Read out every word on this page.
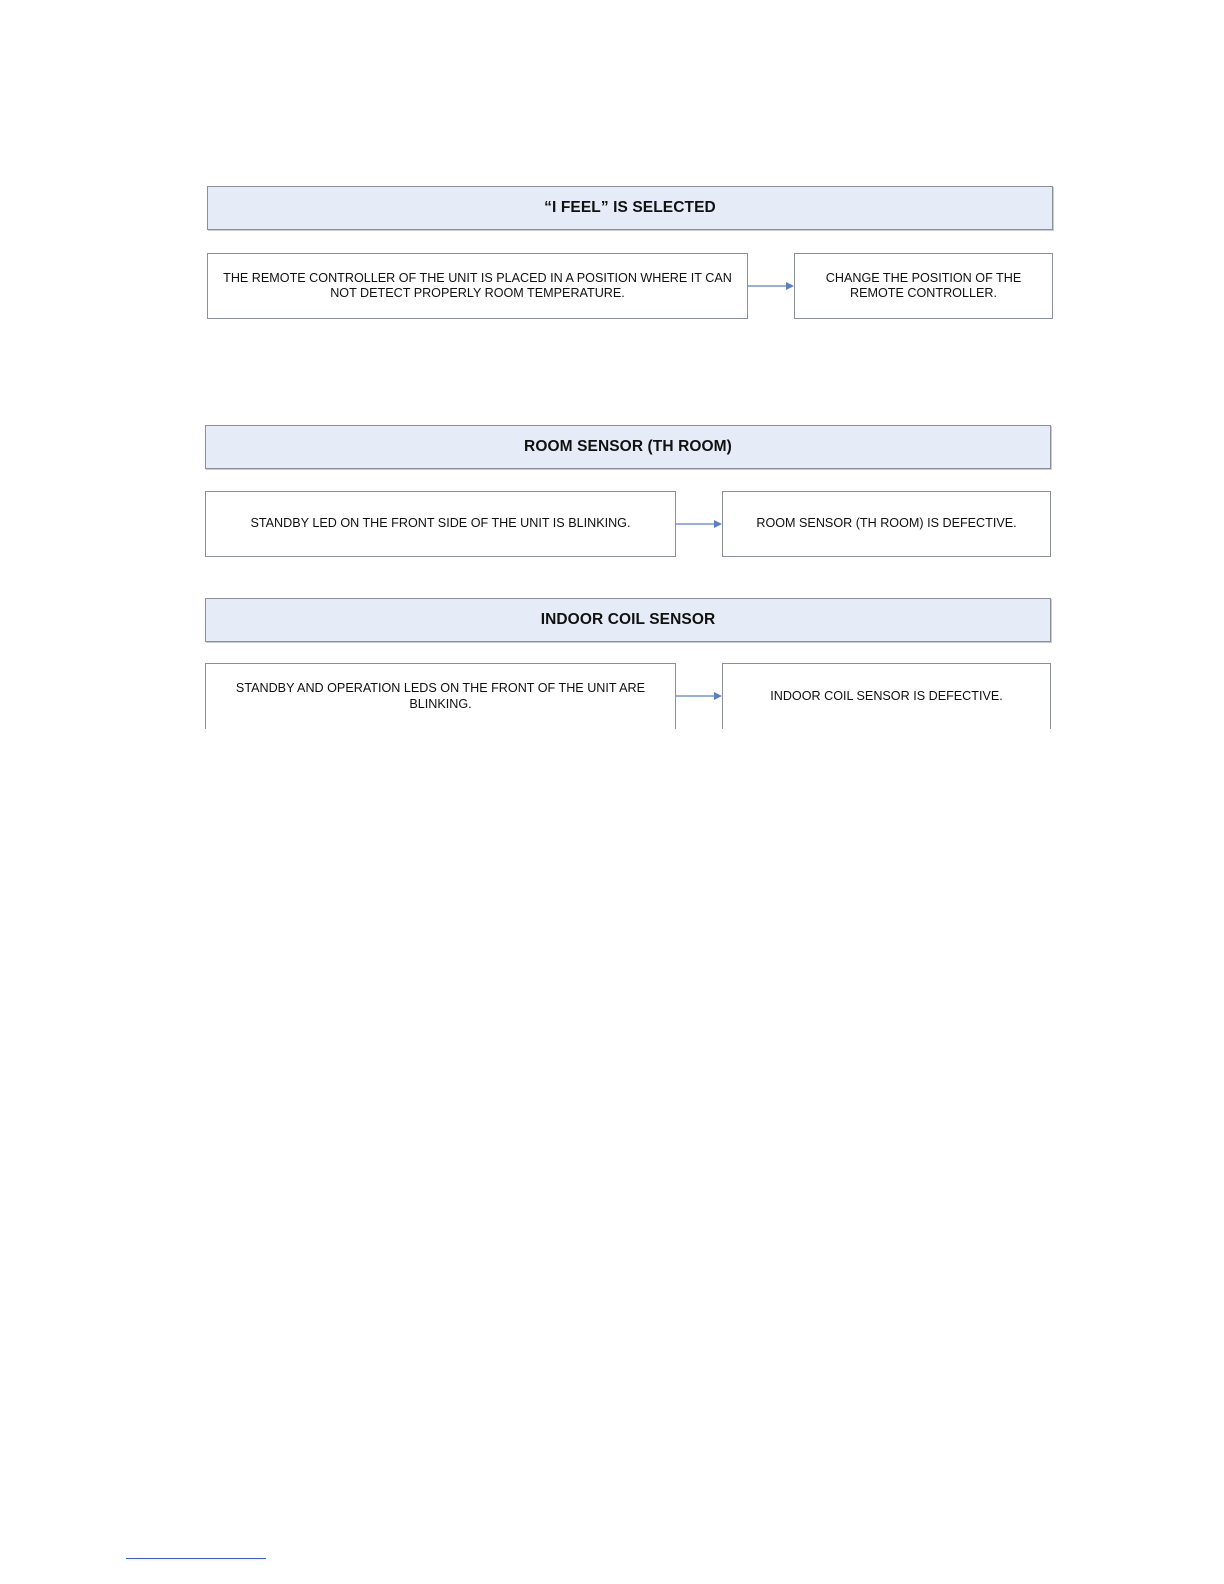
“I FEEL” IS SELECTED
THE REMOTE CONTROLLER OF THE UNIT IS PLACED IN A POSITION WHERE IT CAN NOT DETECT PROPERLY ROOM TEMPERATURE.
CHANGE THE POSITION OF THE REMOTE CONTROLLER.
ROOM SENSOR (TH ROOM)
STANDBY LED ON THE FRONT SIDE OF THE UNIT IS BLINKING.	ROOM SENSOR (TH ROOM) IS DEFECTIVE.
INDOOR COIL SENSOR
STANDBY AND OPERATION LEDS ON THE FRONT OF THE UNIT ARE BLINKING.
INDOOR COIL SENSOR IS DEFECTIVE.
